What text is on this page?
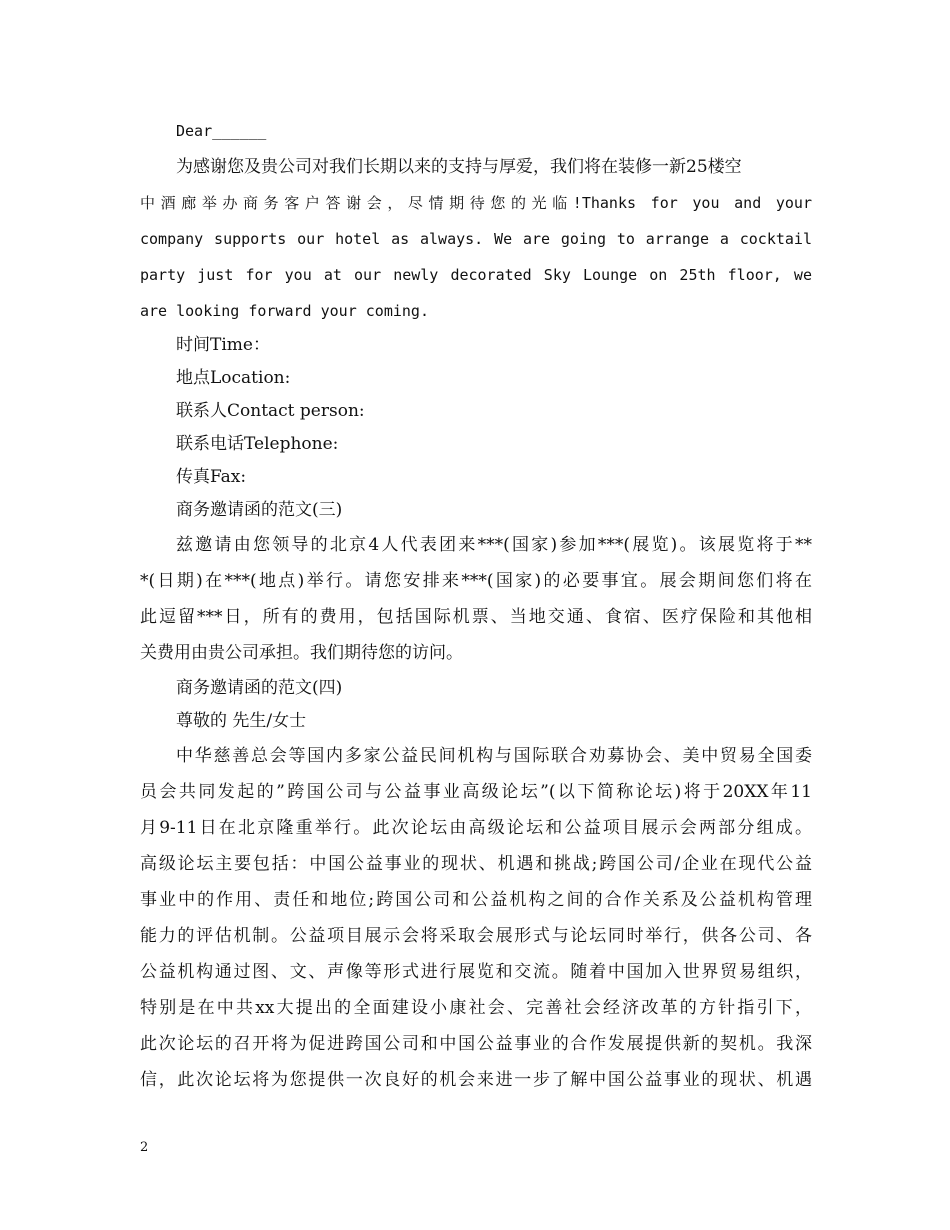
Dear______
为感谢您及贵公司对我们长期以来的支持与厚爱，我们将在装修一新25楼空
中酒廊举办商务客户答谢会，尽情期待您的光临!Thanks for you and your
company supports our hotel as always. We are going to arrange a cocktail
party just for you at our newly decorated Sky Lounge on 25th floor, we
are looking forward your coming.
时间Time：
地点Location:
联系人Contact person:
联系电话Telephone:
传真Fax:
商务邀请函的范文(三)
兹邀请由您领导的北京4人代表团来***(国家)参加***(展览)。该展览将于**
*(日期)在***(地点)举行。请您安排来***(国家)的必要事宜。展会期间您们将在
此逗留***日，所有的费用，包括国际机票、当地交通、食宿、医疗保险和其他相
关费用由贵公司承担。我们期待您的访问。
商务邀请函的范文(四)
尊敬的 先生/女士
中华慈善总会等国内多家公益民间机构与国际联合劝募协会、美中贸易全国委
员会共同发起的”跨国公司与公益事业高级论坛”(以下简称论坛)将于20XX年11
月9-11日在北京隆重举行。此次论坛由高级论坛和公益项目展示会两部分组成。
高级论坛主要包括：中国公益事业的现状、机遇和挑战;跨国公司/企业在现代公益
事业中的作用、责任和地位;跨国公司和公益机构之间的合作关系及公益机构管理
能力的评估机制。公益项目展示会将采取会展形式与论坛同时举行，供各公司、各
公益机构通过图、文、声像等形式进行展览和交流。随着中国加入世界贸易组织，
特别是在中共xx大提出的全面建设小康社会、完善社会经济改革的方针指引下，
此次论坛的召开将为促进跨国公司和中国公益事业的合作发展提供新的契机。我深
信，此次论坛将为您提供一次良好的机会来进一步了解中国公益事业的现状、机遇
2
